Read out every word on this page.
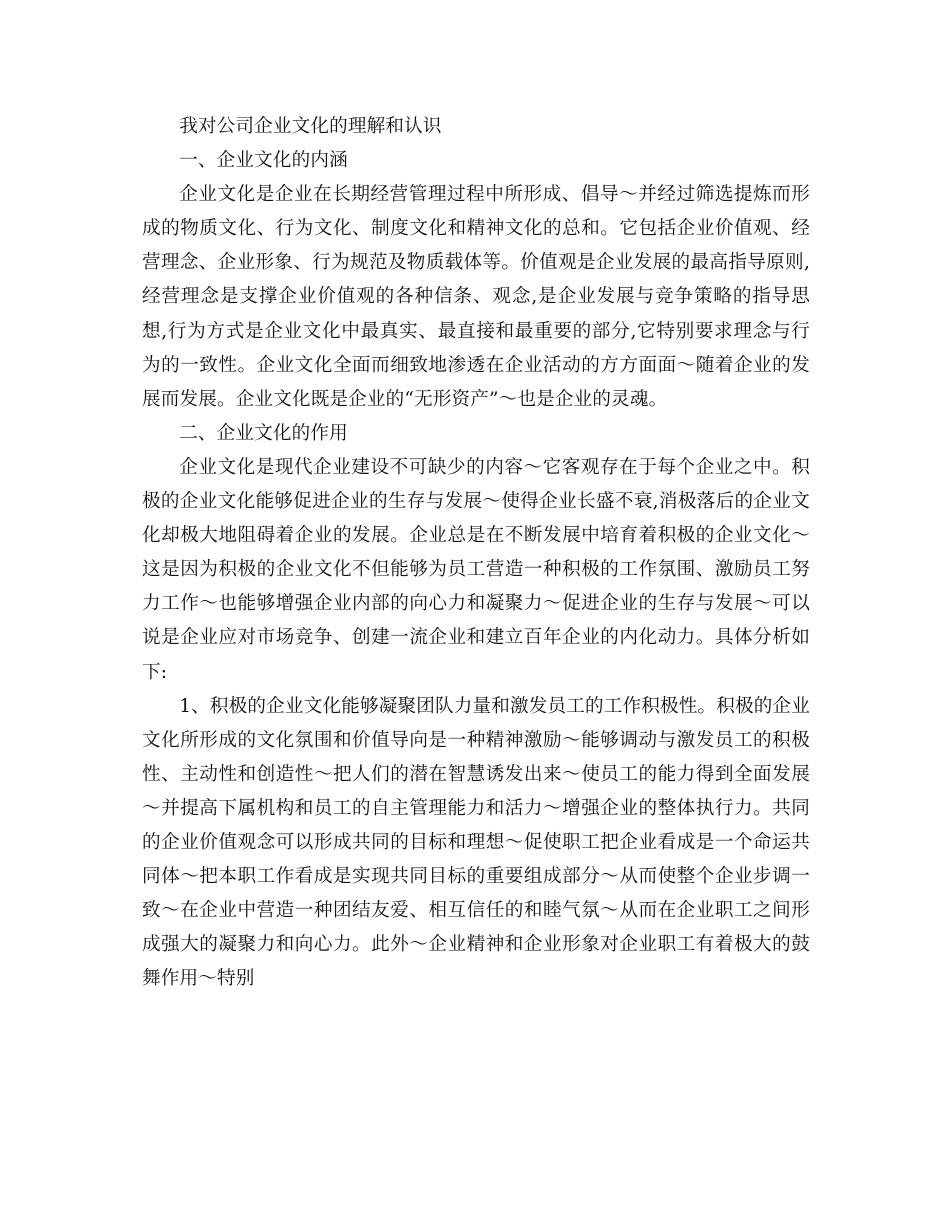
我对公司企业文化的理解和认识

一、企业文化的内涵

企业文化是企业在长期经营管理过程中所形成、倡导～并经过筛选提炼而形成的物质文化、行为文化、制度文化和精神文化的总和。它包括企业价值观、经营理念、企业形象、行为规范及物质载体等。价值观是企业发展的最高指导原则,经营理念是支撑企业价值观的各种信条、观念,是企业发展与竞争策略的指导思想,行为方式是企业文化中最真实、最直接和最重要的部分,它特别要求理念与行为的一致性。企业文化全面而细致地渗透在企业活动的方方面面～随着企业的发展而发展。企业文化既是企业的“无形资产”～也是企业的灵魂。

二、企业文化的作用

企业文化是现代企业建设不可缺少的内容～它客观存在于每个企业之中。积极的企业文化能够促进企业的生存与发展～使得企业长盛不衰,消极落后的企业文化却极大地阻碍着企业的发展。企业总是在不断发展中培育着积极的企业文化～这是因为积极的企业文化不但能够为员工营造一种积极的工作氛围、激励员工努力工作～也能够增强企业内部的向心力和凝聚力～促进企业的生存与发展～可以说是企业应对市场竞争、创建一流企业和建立百年企业的内化动力。具体分析如下:

1、积极的企业文化能够凝聚团队力量和激发员工的工作积极性。积极的企业文化所形成的文化氛围和价值导向是一种精神激励～能够调动与激发员工的积极性、主动性和创造性～把人们的潜在智慧诱发出来～使员工的能力得到全面发展～并提高下属机构和员工的自主管理能力和活力～增强企业的整体执行力。共同的企业价值观念可以形成共同的目标和理想～促使职工把企业看成是一个命运共同体～把本职工作看成是实现共同目标的重要组成部分～从而使整个企业步调一致～在企业中营造一种团结友爱、相互信任的和睦气氛～从而在企业职工之间形成强大的凝聚力和向心力。此外～企业精神和企业形象对企业职工有着极大的鼓舞作用～特别
